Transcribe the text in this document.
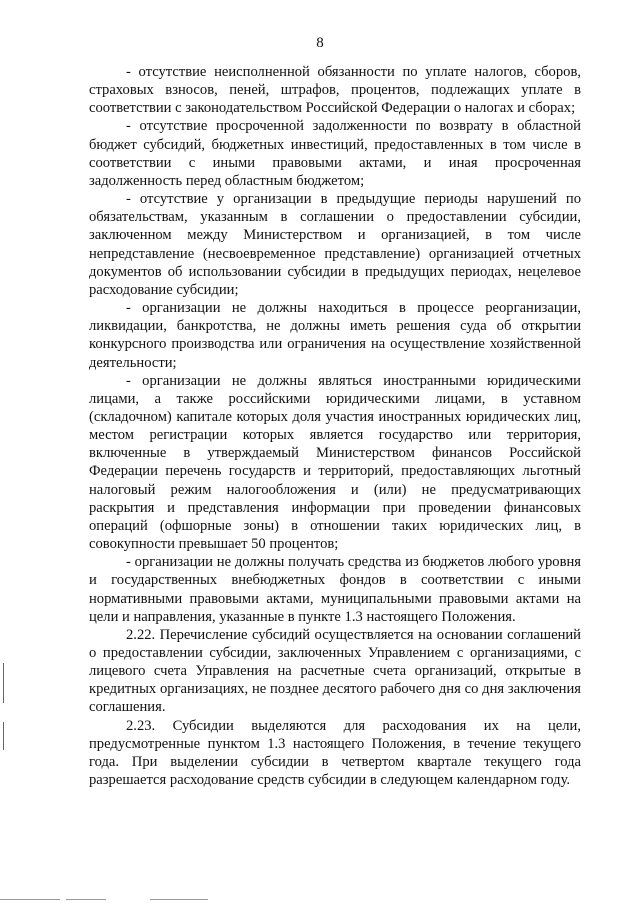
8

- отсутствие неисполненной обязанности по уплате налогов, сборов, страховых взносов, пеней, штрафов, процентов, подлежащих уплате в соответствии с законодательством Российской Федерации о налогах и сборах;

- отсутствие просроченной задолженности по возврату в областной бюджет субсидий, бюджетных инвестиций, предоставленных в том числе в соответствии с иными правовыми актами, и иная просроченная задолженность перед областным бюджетом;

- отсутствие у организации в предыдущие периоды нарушений по обязательствам, указанным в соглашении о предоставлении субсидии, заключенном между Министерством и организацией, в том числе непредставление (несвоевременное представление) организацией отчетных документов об использовании субсидии в предыдущих периодах, нецелевое расходование субсидии;

- организации не должны находиться в процессе реорганизации, ликвидации, банкротства, не должны иметь решения суда об открытии конкурсного производства или ограничения на осуществление хозяйственной деятельности;

- организации не должны являться иностранными юридическими лицами, а также российскими юридическими лицами, в уставном (складочном) капитале которых доля участия иностранных юридических лиц, местом регистрации которых является государство или территория, включенные в утверждаемый Министерством финансов Российской Федерации перечень государств и территорий, предоставляющих льготный налоговый режим налогообложения и (или) не предусматривающих раскрытия и представления информации при проведении финансовых операций (офшорные зоны) в отношении таких юридических лиц, в совокупности превышает 50 процентов;

- организации не должны получать средства из бюджетов любого уровня и государственных внебюджетных фондов в соответствии с иными нормативными правовыми актами, муниципальными правовыми актами на цели и направления, указанные в пункте 1.3 настоящего Положения.

2.22. Перечисление субсидий осуществляется на основании соглашений о предоставлении субсидии, заключенных Управлением с организациями, с лицевого счета Управления на расчетные счета организаций, открытые в кредитных организациях, не позднее десятого рабочего дня со дня заключения соглашения.

2.23. Субсидии выделяются для расходования их на цели, предусмотренные пунктом 1.3 настоящего Положения, в течение текущего года. При выделении субсидии в четвертом квартале текущего года разрешается расходование средств субсидии в следующем календарном году.
